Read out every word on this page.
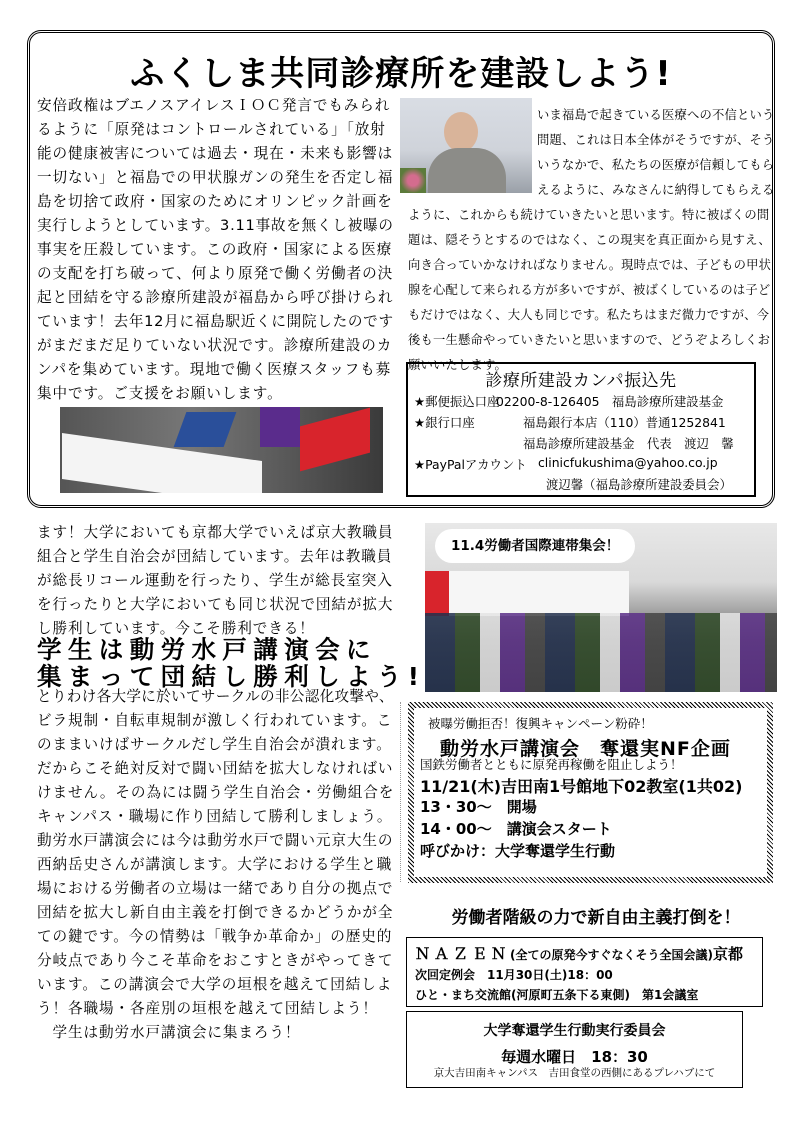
ふくしま共同診療所を建設しよう!
安倍政権はブエノスアイレスＩＯＣ発言でもみられ
るように「原発はコントロールされている」「放射
能の健康被害については過去・現在・未来も影響は
一切ない」と福島での甲状腺ガンの発生を否定し福
島を切捨て政府・国家のためにオリンピック計画を
実行しようとしています。3.11事故を無くし被曝の
事実を圧殺しています。この政府・国家による医療
の支配を打ち破って、何より原発で働く労働者の決
起と団結を守る診療所建設が福島から呼び掛けられ
ています！去年12月に福島駅近くに開院したのです
がまだまだ足りていない状況です。診療所建設のカ
ンパを集めています。現地で働く医療スタッフも募
集中です。ご支援をお願いします。
いま福島で起きている医療への不信という
問題、これは日本全体がそうですが、そう
いうなかで、私たちの医療が信頼してもら
えるように、みなさんに納得してもらえる
ように、これからも続けていきたいと思います。特に被ばくの問
題は、隠そうとするのではなく、この現実を真正面から見すえ、
向き合っていかなければなりません。現時点では、子どもの甲状
腺を心配して来られる方が多いですが、被ばくしているのは子ど
もだけではなく、大人も同じです。私たちはまだ微力ですが、今
後も一生懸命やっていきたいと思いますので、どうぞよろしくお
願いいたします。
診療所建設カンパ振込先
★郵便振込口座
02200-8-126405　福島診療所建設基金
★銀行口座	福島銀行本店（110）普通1252841
福島診療所建設基金　代表　渡辺　馨
★PayPalアカウント clinicfukushima@yahoo.co.jp
渡辺馨（福島診療所建設委員会）
ます！大学においても京都大学でいえば京大教職員
組合と学生自治会が団結しています。去年は教職員
が総長リコール運動を行ったり、学生が総長室突入
を行ったりと大学においても同じ状況で団結が拡大
し勝利しています。今こそ勝利できる！
学生は動労水戸講演会に
集まって団結し勝利しよう!
とりわけ各大学に於いてサークルの非公認化攻撃や、
ビラ規制・自転車規制が激しく行われています。こ
のままいけばサークルだし学生自治会が潰れます。
だからこそ絶対反対で闘い団結を拡大しなければい
けません。その為には闘う学生自治会・労働組合を
キャンパス・職場に作り団結して勝利しましょう。
動労水戸講演会には今は動労水戸で闘い元京大生の
西納岳史さんが講演します。大学における学生と職
場における労働者の立場は一緒であり自分の拠点で
団結を拡大し新自由主義を打倒できるかどうかが全
ての鍵です。今の情勢は「戦争か革命か」の歴史的
分岐点であり今こそ革命をおこすときがやってきて
います。この講演会で大学の垣根を越えて団結しよ
う！各職場・各産別の垣根を越えて団結しよう！
　学生は動労水戸講演会に集まろう！
11.4労働者国際連帯集会！
被曝労働拒否！復興キャンペーン粉砕！
動労水戸講演会　奪還実NF企画
国鉄労働者とともに原発再稼働を阻止しよう！
11/21(木)吉田南1号館地下02教室(1共02)
13・30～　開場
14・00～　講演会スタート
呼びかけ：大学奪還学生行動
労働者階級の力で新自由主義打倒を！
ＮＡＺＥＮ(全ての原発今すぐなくそう全国会議)京都
次回定例会　11月30日(土)18：00
ひと・まち交流館(河原町五条下る東側)　第1会議室
大学奪還学生行動実行委員会
毎週水曜日　18：30
京大吉田南キャンパス　吉田食堂の西側にあるプレハブにて
